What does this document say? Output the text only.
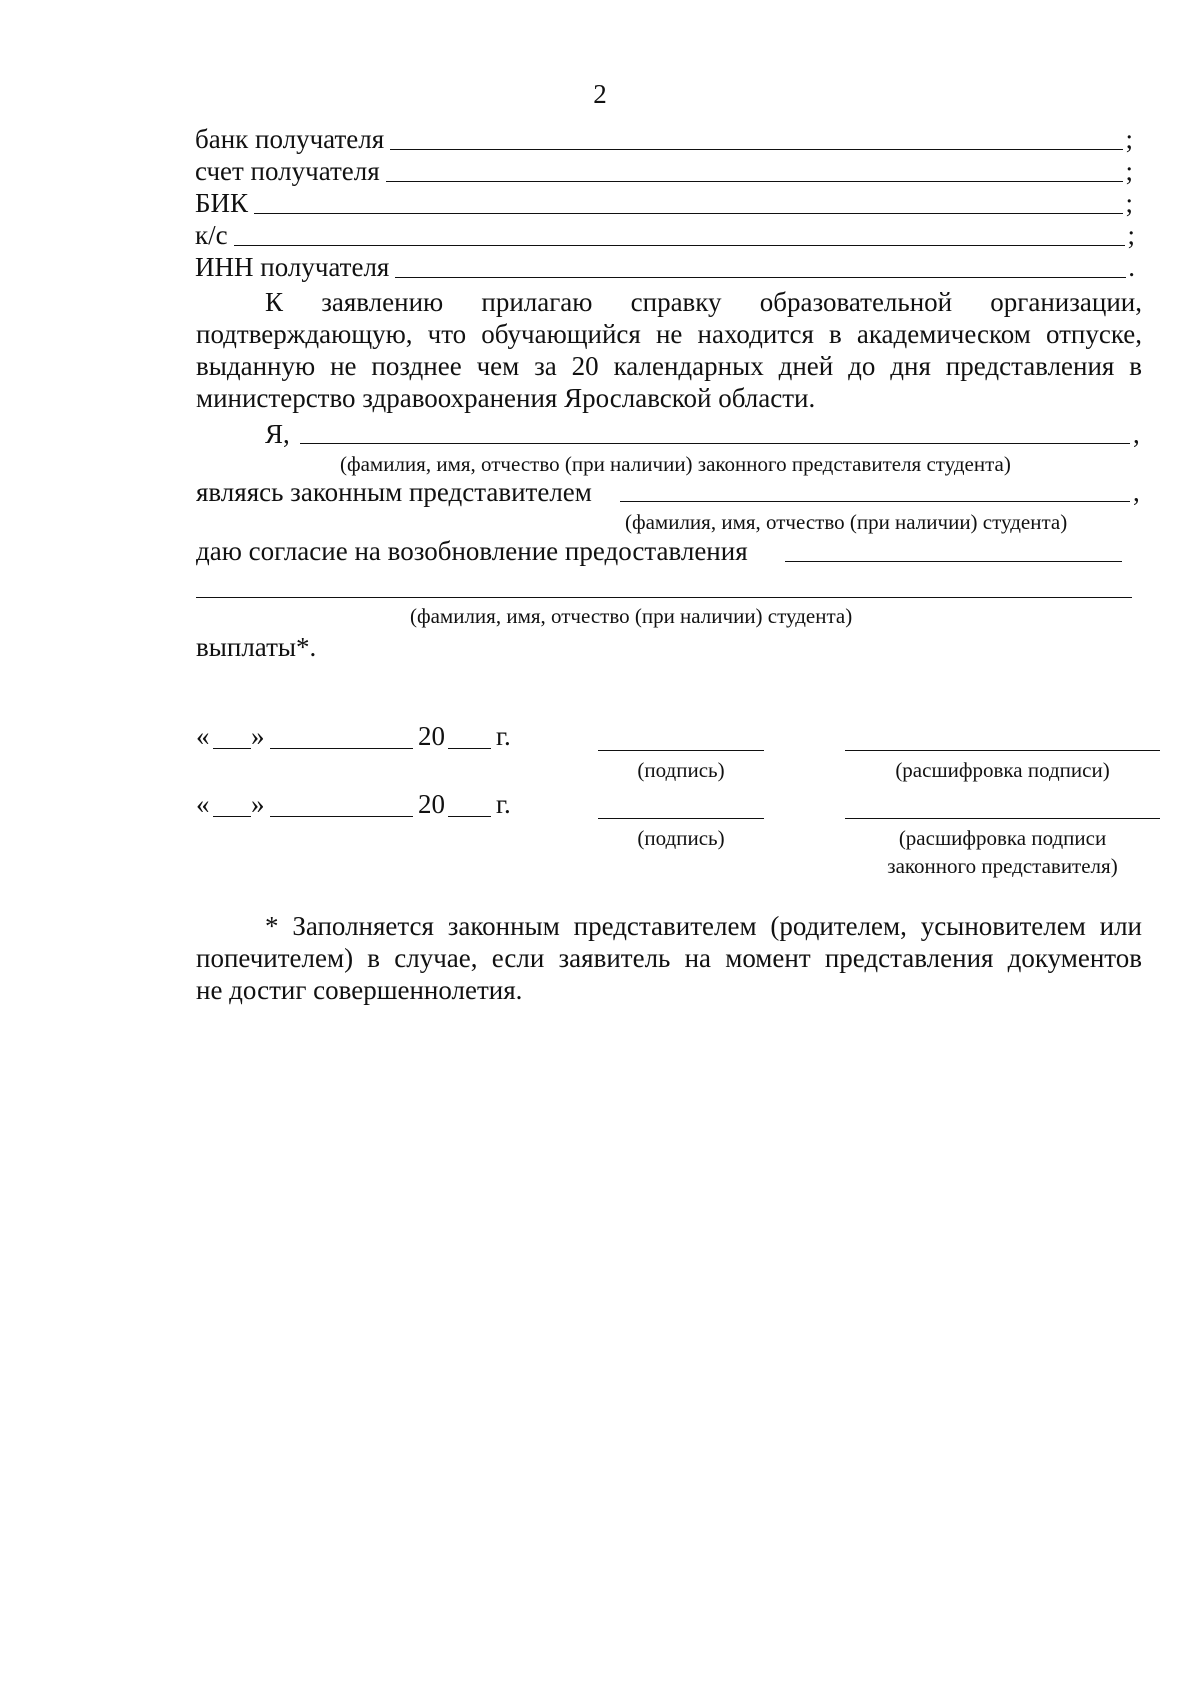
2
банк получателя	;
счет получателя	;
БИК	;
к/с	;
ИНН получателя	.
К заявлению прилагаю справку образовательной организации,
подтверждающую, что обучающийся не находится в академическом отпуске,
выданную не позднее чем за 20 календарных дней до дня представления в
министерство здравоохранения Ярославской области.
Я,	,
(фамилия, имя, отчество (при наличии) законного представителя студента)
являясь законным представителем	,
(фамилия, имя, отчество (при наличии) студента)
даю согласие на возобновление предоставления
(фамилия, имя, отчество (при наличии) студента)
выплаты*.
« »	20 г.
(подпись)	(расшифровка подписи)
« »	20 г.
(подпись)	(расшифровка подписи
законного представителя)
* Заполняется законным представителем (родителем, усыновителем или
попечителем) в случае, если заявитель на момент представления документов
не достиг совершеннолетия.
